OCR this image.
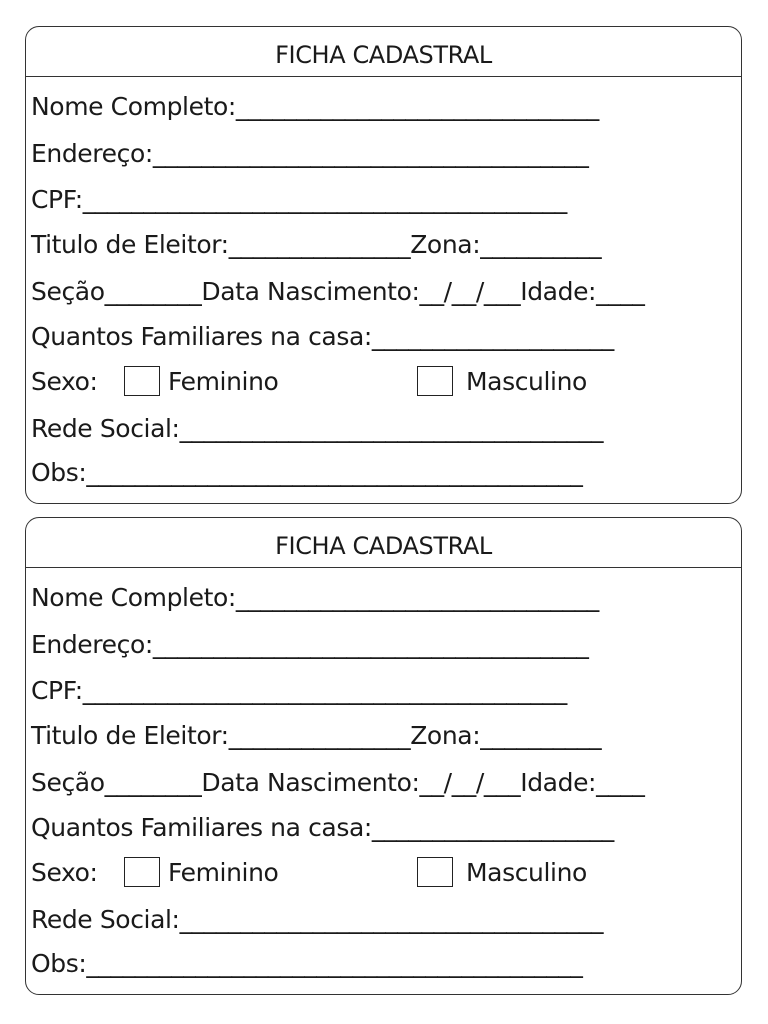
FICHA CADASTRAL
Nome Completo:______________________________
Endereço:____________________________________
CPF:________________________________________
Titulo de Eleitor:_______________Zona:__________
Seção________Data Nascimento:__/__/___Idade:____
Quantos Familiares na casa:____________________
Sexo:	Feminino	Masculino
Rede Social:___________________________________
Obs:_________________________________________
FICHA CADASTRAL
Nome Completo:______________________________
Endereço:____________________________________
CPF:________________________________________
Titulo de Eleitor:_______________Zona:__________
Seção________Data Nascimento:__/__/___Idade:____
Quantos Familiares na casa:____________________
Sexo:	Feminino	Masculino
Rede Social:___________________________________
Obs:_________________________________________
